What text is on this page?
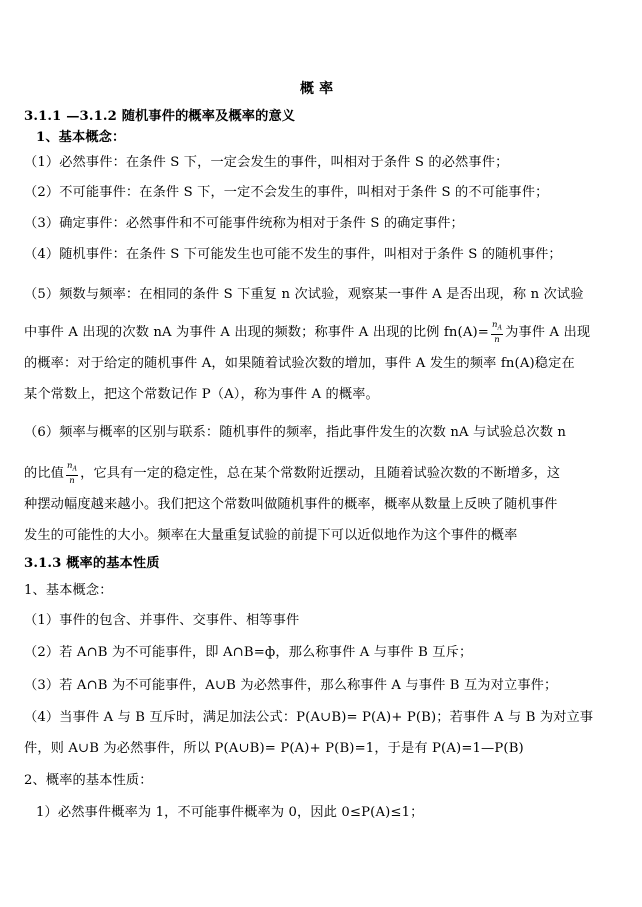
概 率
3.1.1 —3.1.2 随机事件的概率及概率的意义
1、基本概念：
（1）必然事件：在条件 S 下，一定会发生的事件，叫相对于条件 S 的必然事件；
（2）不可能事件：在条件 S 下，一定不会发生的事件，叫相对于条件 S 的不可能事件；
（3）确定事件：必然事件和不可能事件统称为相对于条件 S 的确定事件；
（4）随机事件：在条件 S 下可能发生也可能不发生的事件，叫相对于条件 S 的随机事件；
（5）频数与频率：在相同的条件 S 下重复 n 次试验，观察某一事件 A 是否出现，称 n 次试验
中事件 A 出现的次数 nA 为事件 A 出现的频数；称事件 A 出现的比例 $fn(A)= \frac{n_A}{n}$ 为事件 A 出现
的概率：对于给定的随机事件 A，如果随着试验次数的增加，事件 A 发生的频率 fn(A)稳定在
某个常数上，把这个常数记作 P（A），称为事件 A 的概率。
（6）频率与概率的区别与联系：随机事件的频率，指此事件发生的次数 nA 与试验总次数 n
的比值 $\frac{n_A}{n}$ ，它具有一定的稳定性，总在某个常数附近摆动，且随着试验次数的不断增多，这
种摆动幅度越来越小。我们把这个常数叫做随机事件的概率，概率从数量上反映了随机事件
发生的可能性的大小。频率在大量重复试验的前提下可以近似地作为这个事件的概率
3.1.3 概率的基本性质
1、基本概念：
（1）事件的包含、并事件、交事件、相等事件
（2）若 A∩B 为不可能事件，即 A∩B=ф，那么称事件 A 与事件 B 互斥；
（3）若 A∩B 为不可能事件，A∪B 为必然事件，那么称事件 A 与事件 B 互为对立事件；
（4）当事件 A 与 B 互斥时，满足加法公式：P(A∪B)= P(A)+ P(B)；若事件 A 与 B 为对立事
件，则 A∪B 为必然事件，所以 P(A∪B)= P(A)+ P(B)=1，于是有 P(A)=1—P(B)
2、概率的基本性质：
1）必然事件概率为 1，不可能事件概率为 0，因此 0≤P(A)≤1；
